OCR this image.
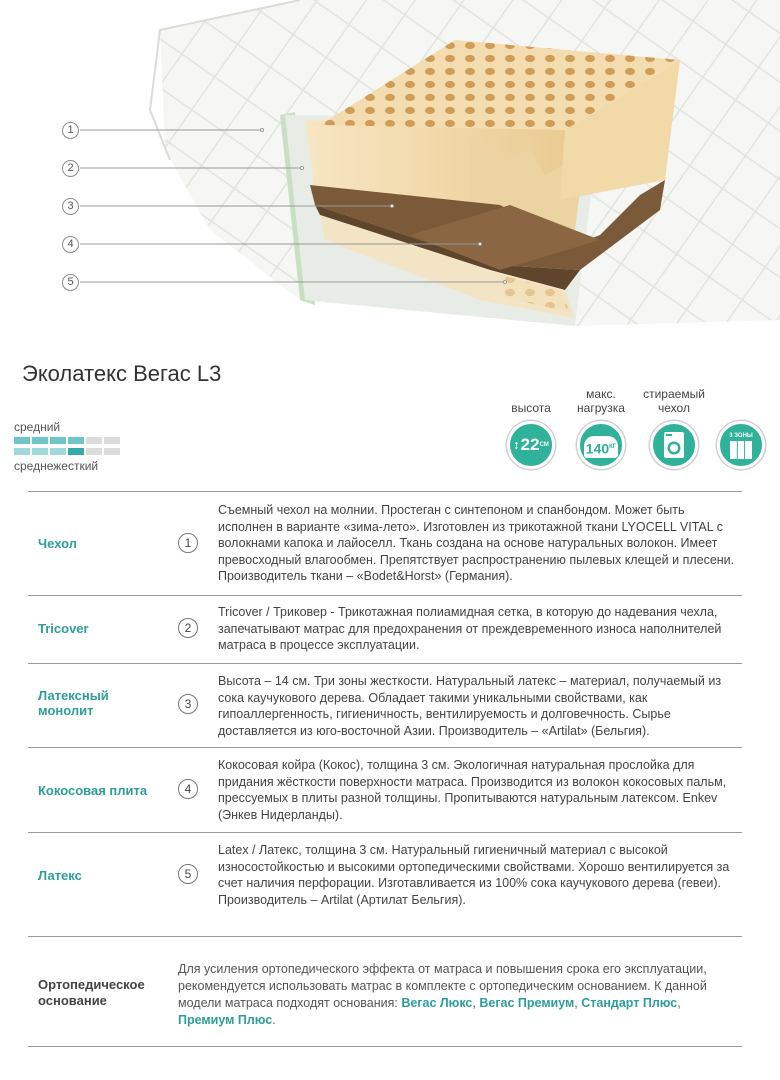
1
2
3
4
5
Эколатекс Вегас L3
средний
среднежесткий
высота
↕ 22 СМ
макс. нагрузка
$140^{КГ}$
стираемый чехол
3 ЗОНЫ
Чехол	1
Съемный чехол на молнии. Простеган с синтепоном и спанбондом. Может быть исполнен в варианте «зима-лето». Изготовлен из трикотажной ткани LYOCELL VITAL с волокнами капока и лайоселл. Ткань создана на основе натуральных волокон. Имеет превосходный влагообмен. Препятствует распространению пылевых клещей и плесени. Производитель ткани – «Bodet&Horst» (Германия).
Tricover	2
Tricover / Триковер - Трикотажная полиамидная сетка, в которую до надевания чехла, запечатывают матрас для предохранения от преждевременного износа наполнителей матраса в процессе эксплуатации.
Латексный монолит	3
Высота – 14 см. Три зоны жесткости. Натуральный латекс – материал, получаемый из сока каучукового дерева. Обладает такими уникальными свойствами, как гипоаллергенность, гигиеничность, вентилируемость и долговечность. Сырье доставляется из юго-восточной Азии. Производитель – «Artilat» (Бельгия).
Кокосовая плита	4
Кокосовая койра (Кокос), толщина 3 см. Экологичная натуральная прослойка для придания жёсткости поверхности матраса. Производится из волокон кокосовых пальм, прессуемых в плиты разной толщины. Пропитываются натуральным латексом. Enkev (Энкев Нидерланды).
Латекс	5
Latex / Латекс, толщина 3 см. Натуральный гигиеничный материал с высокой износостойкостью и высокими ортопедическими свойствами. Хорошо вентилируется за счет наличия перфорации. Изготавливается из 100% сока каучукового дерева (гевеи). Производитель – Artilat (Артилат Бельгия).
Ортопедическое основание
Для усиления ортопедического эффекта от матраса и повышения срока его эксплуатации, рекомендуется использовать матрас в комплекте с ортопедическим основанием. К данной модели матраса подходят основания: Вегас Люкс, Вегас Премиум, Стандарт Плюс, Премиум Плюс.
